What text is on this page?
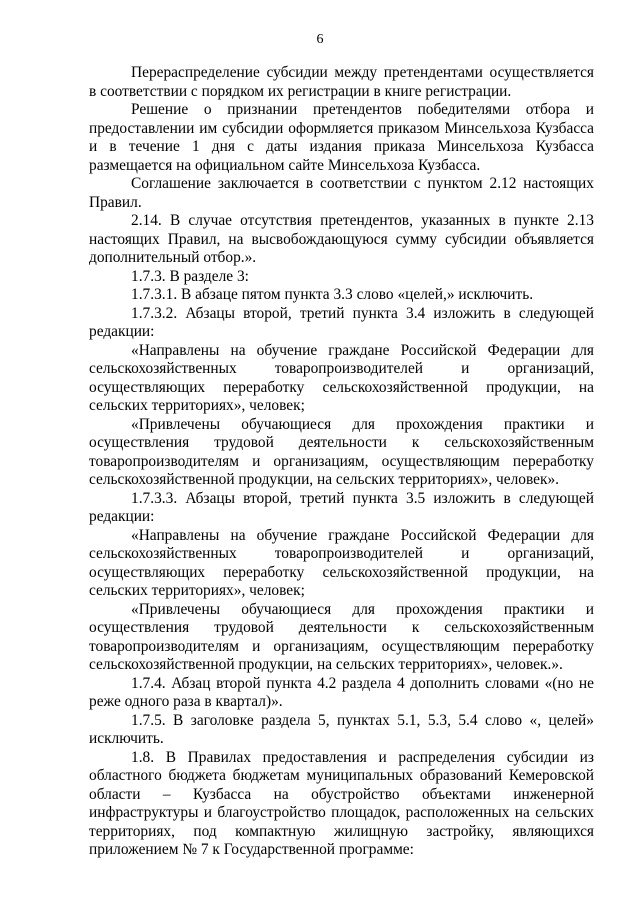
6

Перераспределение субсидии между претендентами осуществляется в соответствии с порядком их регистрации в книге регистрации.

Решение о признании претендентов победителями отбора и предоставлении им субсидии оформляется приказом Минсельхоза Кузбасса и в течение 1 дня с даты издания приказа Минсельхоза Кузбасса размещается на официальном сайте Минсельхоза Кузбасса.

Соглашение заключается в соответствии с пунктом 2.12 настоящих Правил.

2.14. В случае отсутствия претендентов, указанных в пункте 2.13 настоящих Правил, на высвобождающуюся сумму субсидии объявляется дополнительный отбор.».

1.7.3. В разделе 3:

1.7.3.1. В абзаце пятом пункта 3.3 слово «целей,» исключить.

1.7.3.2. Абзацы второй, третий пункта 3.4 изложить в следующей редакции:

«Направлены на обучение граждане Российской Федерации для сельскохозяйственных товаропроизводителей и организаций, осуществляющих переработку сельскохозяйственной продукции, на сельских территориях», человек;

«Привлечены обучающиеся для прохождения практики и осуществления трудовой деятельности к сельскохозяйственным товаропроизводителям и организациям, осуществляющим переработку сельскохозяйственной продукции, на сельских территориях», человек».

1.7.3.3. Абзацы второй, третий пункта 3.5 изложить в следующей редакции:

«Направлены на обучение граждане Российской Федерации для сельскохозяйственных товаропроизводителей и организаций, осуществляющих переработку сельскохозяйственной продукции, на сельских территориях», человек;

«Привлечены обучающиеся для прохождения практики и осуществления трудовой деятельности к сельскохозяйственным товаропроизводителям и организациям, осуществляющим переработку сельскохозяйственной продукции, на сельских территориях», человек.».

1.7.4. Абзац второй пункта 4.2 раздела 4 дополнить словами «(но не реже одного раза в квартал)».

1.7.5. В заголовке раздела 5, пунктах 5.1, 5.3, 5.4 слово «, целей» исключить.

1.8. В Правилах предоставления и распределения субсидии из областного бюджета бюджетам муниципальных образований Кемеровской области – Кузбасса на обустройство объектами инженерной инфраструктуры и благоустройство площадок, расположенных на сельских территориях, под компактную жилищную застройку, являющихся приложением № 7 к Государственной программе:
